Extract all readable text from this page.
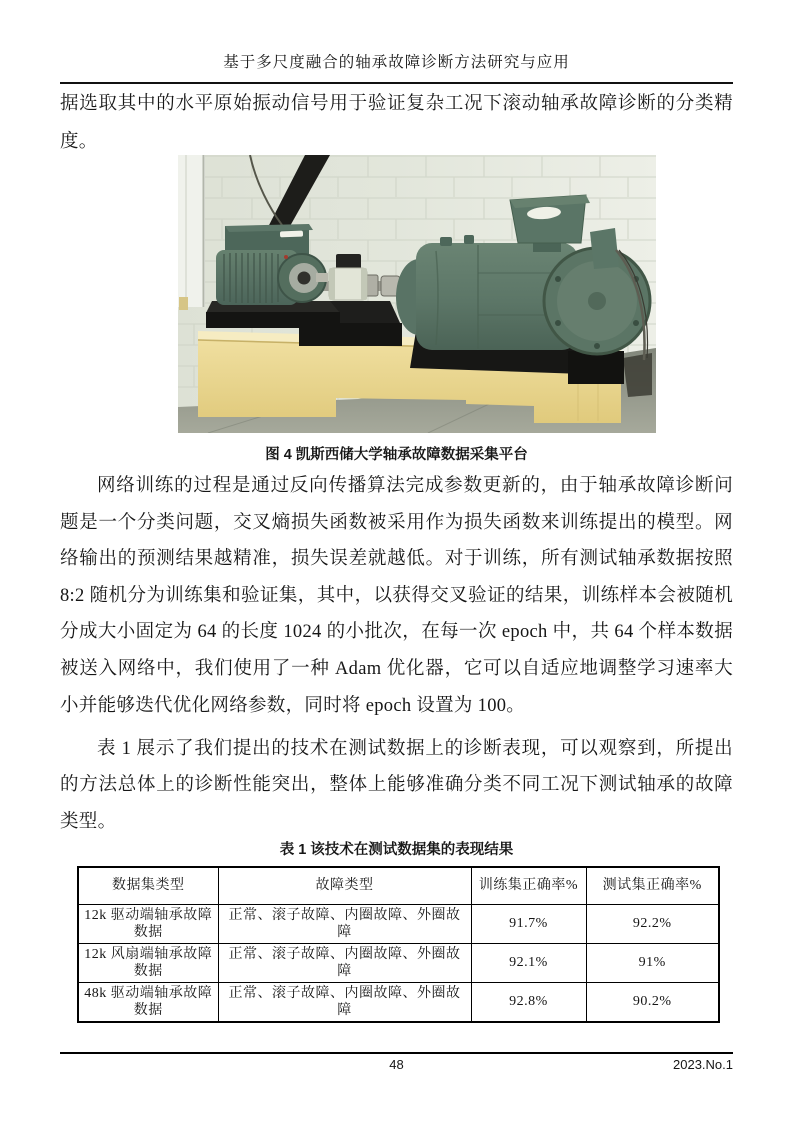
基于多尺度融合的轴承故障诊断方法研究与应用
据选取其中的水平原始振动信号用于验证复杂工况下滚动轴承故障诊断的分类精度。
图 4 凯斯西储大学轴承故障数据采集平台
网络训练的过程是通过反向传播算法完成参数更新的，由于轴承故障诊断问题是一个分类问题，交叉熵损失函数被采用作为损失函数来训练提出的模型。网络输出的预测结果越精准，损失误差就越低。对于训练，所有测试轴承数据按照 8:2 随机分为训练集和验证集，其中，以获得交叉验证的结果，训练样本会被随机分成大小固定为 64 的长度 1024 的小批次，在每一次 epoch 中，共 64 个样本数据被送入网络中，我们使用了一种 Adam 优化器，它可以自适应地调整学习速率大小并能够迭代优化网络参数，同时将 epoch 设置为 100。
表 1 展示了我们提出的技术在测试数据上的诊断表现，可以观察到，所提出的方法总体上的诊断性能突出，整体上能够准确分类不同工况下测试轴承的故障类型。
表 1 该技术在测试数据集的表现结果
数据集类型	故障类型	训练集正确率%	测试集正确率%
12k 驱动端轴承故障数据	正常、滚子故障、内圈故障、外圈故障	91.7%	92.2%
12k 风扇端轴承故障数据	正常、滚子故障、内圈故障、外圈故障	92.1%	91%
48k 驱动端轴承故障数据	正常、滚子故障、内圈故障、外圈故障	92.8%	90.2%
48	2023.No.1
